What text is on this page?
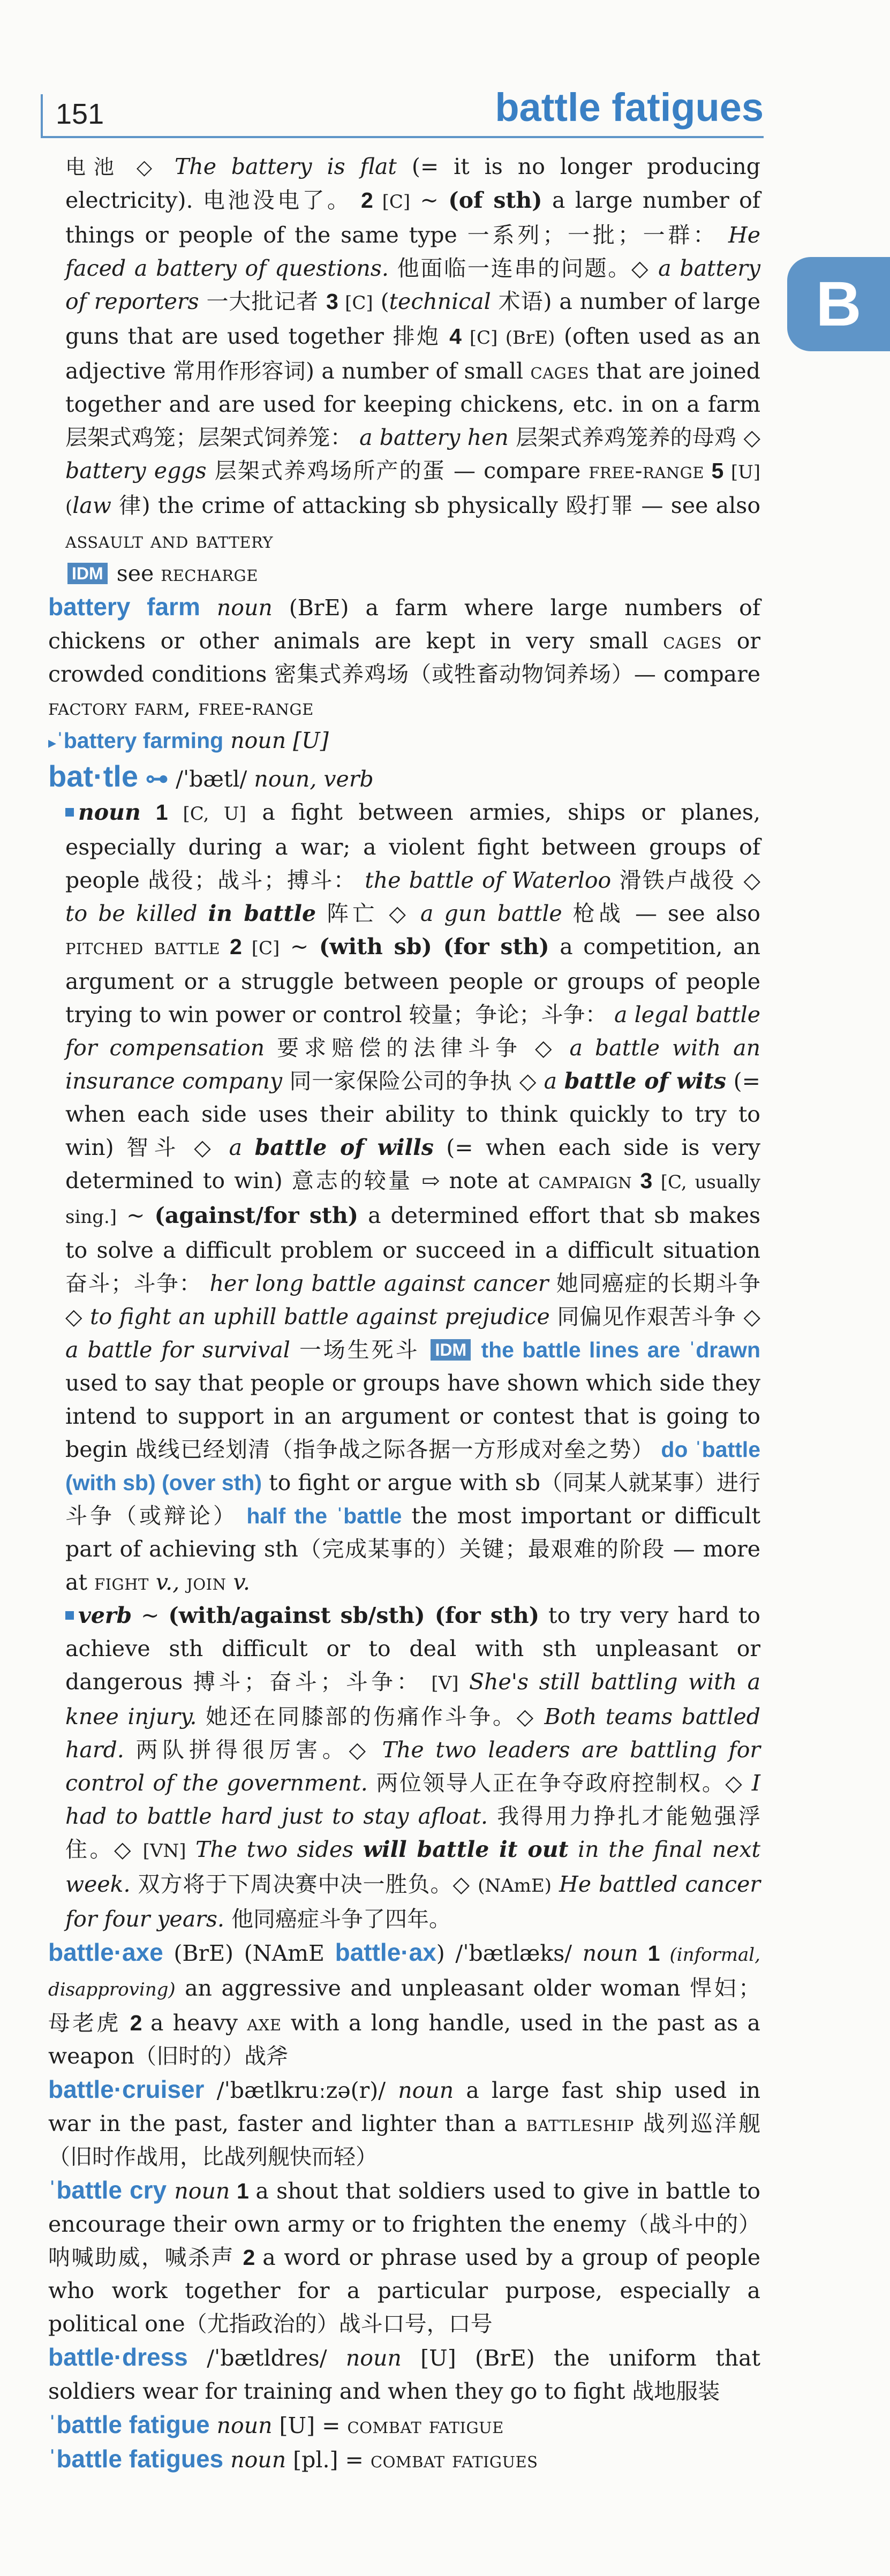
151	battle fatigues
B

电池 ◇ The battery is flat (= it is no longer producing electricity). 电池没电了。 2 [C] ~ (of sth) a large number of things or people of the same type 一系列；一批；一群： He faced a battery of questions. 他面临一连串的问题。◇ a battery of reporters 一大批记者 3 [C] (technical 术语) a number of large guns that are used together 排炮 4 [C] (BrE) (often used as an adjective 常用作形容词) a number of small cages that are joined together and are used for keeping chickens, etc. in on a farm 层架式鸡笼；层架式饲养笼： a battery hen 层架式养鸡笼养的母鸡 ◇ battery eggs 层架式养鸡场所产的蛋 — compare free-range 5 [U] (law 律) the crime of attacking sb physically 殴打罪 — see also assault and battery
IDM see recharge

battery farm noun (BrE) a farm where large numbers of chickens or other animals are kept in very small cages or crowded conditions 密集式养鸡场（或牲畜动物饲养场）— compare factory farm, free-range
▸ˈbattery farming noun [U]

bat·tle ⊶ /ˈbætl/ noun, verb

noun 1 [C, U] a fight between armies, ships or planes, especially during a war; a violent fight between groups of people 战役；战斗；搏斗： the battle of Waterloo 滑铁卢战役 ◇ to be killed in battle 阵亡 ◇ a gun battle 枪战 — see also pitched battle 2 [C] ~ (with sb) (for sth) a competition, an argument or a struggle between people or groups of people trying to win power or control 较量；争论；斗争： a legal battle for compensation 要求赔偿的法律斗争 ◇ a battle with an insurance company 同一家保险公司的争执 ◇ a battle of wits (= when each side uses their ability to think quickly to try to win) 智斗 ◇ a battle of wills (= when each side is very determined to win) 意志的较量 ⇨ note at campaign 3 [C, usually sing.] ~ (against/for sth) a determined effort that sb makes to solve a difficult problem or succeed in a difficult situation 奋斗；斗争： her long battle against cancer 她同癌症的长期斗争 ◇ to fight an uphill battle against prejudice 同偏见作艰苦斗争 ◇ a battle for survival 一场生死斗 IDM the battle lines are ˈdrawn used to say that people or groups have shown which side they intend to support in an argument or contest that is going to begin 战线已经划清（指争战之际各据一方形成对垒之势） do ˈbattle (with sb) (over sth) to fight or argue with sb（同某人就某事）进行斗争（或辩论） half the ˈbattle the most important or difficult part of achieving sth（完成某事的）关键；最艰难的阶段 — more at fight v., join v.

verb ~ (with/against sb/sth) (for sth) to try very hard to achieve sth difficult or to deal with sth unpleasant or dangerous 搏斗；奋斗；斗争： [V] She's still battling with a knee injury. 她还在同膝部的伤痛作斗争。◇ Both teams battled hard. 两队拼得很厉害。◇ The two leaders are battling for control of the government. 两位领导人正在争夺政府控制权。◇ I had to battle hard just to stay afloat. 我得用力挣扎才能勉强浮住。◇ [VN] The two sides will battle it out in the final next week. 双方将于下周决赛中决一胜负。◇ (NAmE) He battled cancer for four years. 他同癌症斗争了四年。

battle·axe (BrE) (NAmE battle·ax) /ˈbætlæks/ noun 1 (informal, disapproving) an aggressive and unpleasant older woman 悍妇；母老虎 2 a heavy axe with a long handle, used in the past as a weapon（旧时的）战斧

battle·cruiser /ˈbætlkruːzə(r)/ noun a large fast ship used in war in the past, faster and lighter than a battleship 战列巡洋舰（旧时作战用，比战列舰快而轻）

ˈbattle cry noun 1 a shout that soldiers used to give in battle to encourage their own army or to frighten the enemy（战斗中的）呐喊助威，喊杀声 2 a word or phrase used by a group of people who work together for a particular purpose, especially a political one（尤指政治的）战斗口号，口号

battle·dress /ˈbætldres/ noun [U] (BrE) the uniform that soldiers wear for training and when they go to fight 战地服装

ˈbattle fatigue noun [U] = combat fatigue

ˈbattle fatigues noun [pl.] = combat fatigues
